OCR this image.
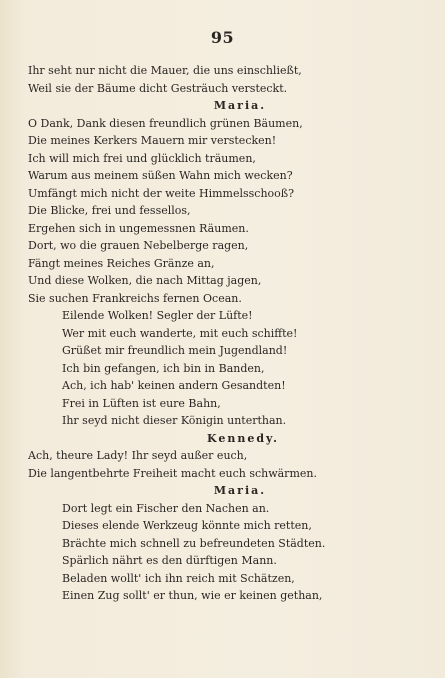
95
Ihr seht nur nicht die Mauer, die uns einschließt,
Weil sie der Bäume dicht Gesträuch versteckt.
Maria.
O Dank, Dank diesen freundlich grünen Bäumen,
Die meines Kerkers Mauern mir verstecken!
Ich will mich frei und glücklich träumen,
Warum aus meinem süßen Wahn mich wecken?
Umfängt mich nicht der weite Himmelsschooß?
Die Blicke, frei und fessellos,
Ergehen sich in ungemessnen Räumen.
Dort, wo die grauen Nebelberge ragen,
Fängt meines Reiches Gränze an,
Und diese Wolken, die nach Mittag jagen,
Sie suchen Frankreichs fernen Ocean.
Eilende Wolken! Segler der Lüfte!
Wer mit euch wanderte, mit euch schiffte!
Grüßet mir freundlich mein Jugendland!
Ich bin gefangen, ich bin in Banden,
Ach, ich hab' keinen andern Gesandten!
Frei in Lüften ist eure Bahn,
Ihr seyd nicht dieser Königin unterthan.
Kennedy.
Ach, theure Lady! Ihr seyd außer euch,
Die langentbehrte Freiheit macht euch schwärmen.
Maria.
Dort legt ein Fischer den Nachen an.
Dieses elende Werkzeug könnte mich retten,
Brächte mich schnell zu befreundeten Städten.
Spärlich nährt es den dürftigen Mann.
Beladen wollt' ich ihn reich mit Schätzen,
Einen Zug sollt' er thun, wie er keinen gethan,
